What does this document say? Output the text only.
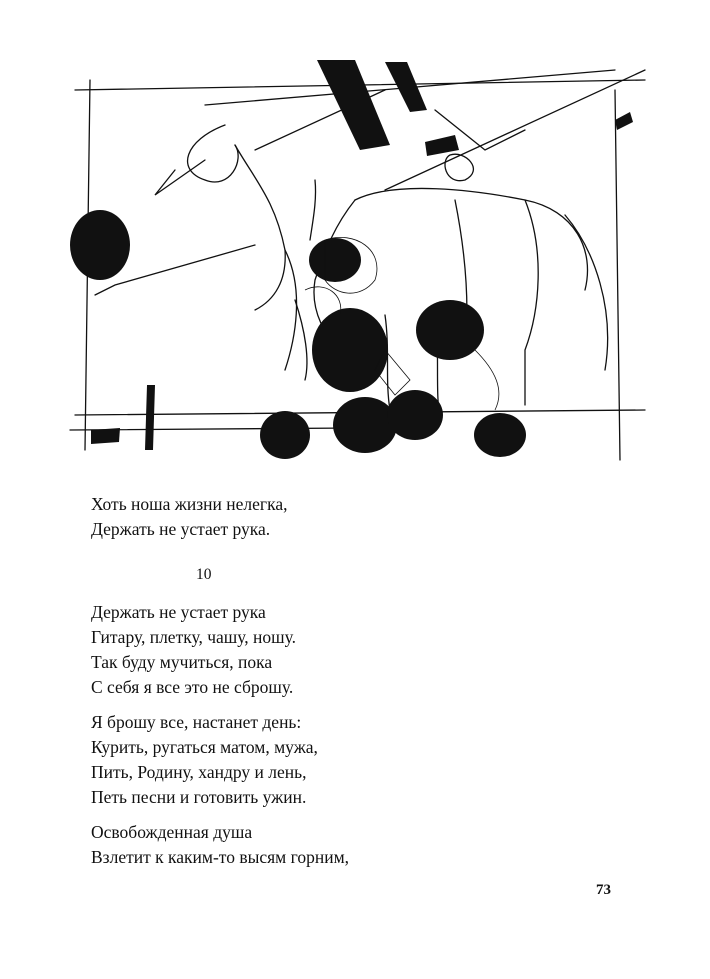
Хоть ноша жизни нелегка,
Держать не устает рука.
10
Держать не устает рука
Гитару, плетку, чашу, ношу.
Так буду мучиться, пока
С себя я все это не сброшу.
Я брошу все, настанет день:
Курить, ругаться матом, мужа,
Пить, Родину, хандру и лень,
Петь песни и готовить ужин.
Освобожденная душа
Взлетит к каким-то высям горним,
73
